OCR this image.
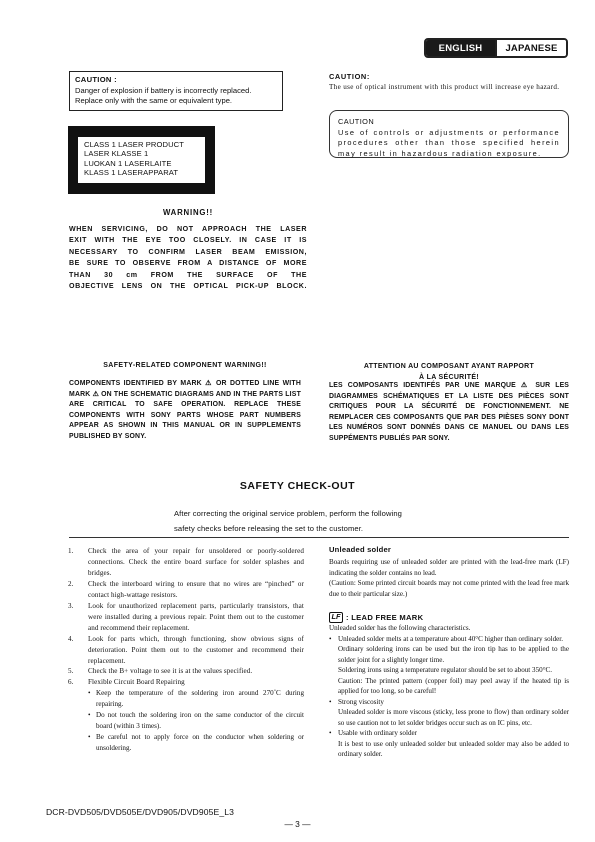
ENGLISH	JAPANESE
CAUTION :
Danger of explosion if battery is incorrectly replaced.
Replace only with the same or equivalent type.
CLASS 1 LASER PRODUCT
LASER KLASSE 1
LUOKAN 1 LASERLAITE
KLASS 1 LASERAPPARAT
WARNING!!
WHEN SERVICING, DO NOT APPROACH THE LASER
EXIT WITH THE EYE TOO CLOSELY. IN CASE IT IS
NECESSARY TO CONFIRM LASER BEAM EMISSION,
BE SURE TO OBSERVE FROM A DISTANCE OF MORE
THAN 30 cm FROM THE SURFACE OF THE
OBJECTIVE LENS ON THE OPTICAL PICK-UP BLOCK.
CAUTION:
The use of optical instrument with this product will increase eye hazard.
CAUTION
Use of controls or adjustments or performance procedures other than those specified herein may result in hazardous radiation exposure.
SAFETY-RELATED COMPONENT WARNING!!
COMPONENTS IDENTIFIED BY MARK ⚠ OR DOTTED LINE WITH MARK ⚠ ON THE SCHEMATIC DIAGRAMS AND IN THE PARTS LIST ARE CRITICAL TO SAFE OPERATION. REPLACE THESE COMPONENTS WITH SONY PARTS WHOSE PART NUMBERS APPEAR AS SHOWN IN THIS MANUAL OR IN SUPPLEMENTS PUBLISHED BY SONY.
ATTENTION AU COMPOSANT AYANT RAPPORT
À LA SÉCURITÉ!
LES COMPOSANTS IDENTIFÉS PAR UNE MARQUE ⚠ SUR LES DIAGRAMMES SCHÉMATIQUES ET LA LISTE DES PIÈCES SONT CRITIQUES POUR LA SÉCURITÉ DE FONCTIONNEMENT. NE REMPLACER CES COMPOSANTS QUE PAR DES PIÈSES SONY DONT LES NUMÉROS SONT DONNÉS DANS CE MANUEL OU DANS LES SUPPÉMENTS PUBLIÉS PAR SONY.
SAFETY CHECK-OUT
After correcting the original service problem, perform the following
safety checks before releasing the set to the customer.
1.	Check the area of your repair for unsoldered or poorly-soldered connections. Check the entire board surface for solder splashes and bridges.
2.	Check the interboard wiring to ensure that no wires are “pinched” or contact high-wattage resistors.
3.	Look for unauthorized replacement parts, particularly transistors, that were installed during a previous repair. Point them out to the customer and recommend their replacement.
4.	Look for parts which, through functioning, show obvious signs of deterioration. Point them out to the customer and recommend their replacement.
5.	Check the B+ voltage to see it is at the values specified.
6.	Flexible Circuit Board Repairing
• Keep the temperature of the soldering iron around 270˚C during repairing.
• Do not touch the soldering iron on the same conductor of the circuit board (within 3 times).
• Be careful not to apply force on the conductor when soldering or unsoldering.
Unleaded solder
Boards requiring use of unleaded solder are printed with the lead-free mark (LF) indicating the solder contains no lead.
(Caution: Some printed circuit boards may not come printed with the lead free mark due to their particular size.)
LF : LEAD FREE MARK
Unleaded solder has the following characteristics.
• Unleaded solder melts at a temperature about 40°C higher than ordinary solder.
Ordinary soldering irons can be used but the iron tip has to be applied to the solder joint for a slightly longer time.
Soldering irons using a temperature regulator should be set to about 350°C.
Caution: The printed pattern (copper foil) may peel away if the heated tip is applied for too long, so be careful!
• Strong viscosity
Unleaded solder is more viscous (sticky, less prone to flow) than ordinary solder so use caution not to let solder bridges occur such as on IC pins, etc.
• Usable with ordinary solder
It is best to use only unleaded solder but unleaded solder may also be added to ordinary solder.
DCR-DVD505/DVD505E/DVD905/DVD905E_L3
— 3 —
